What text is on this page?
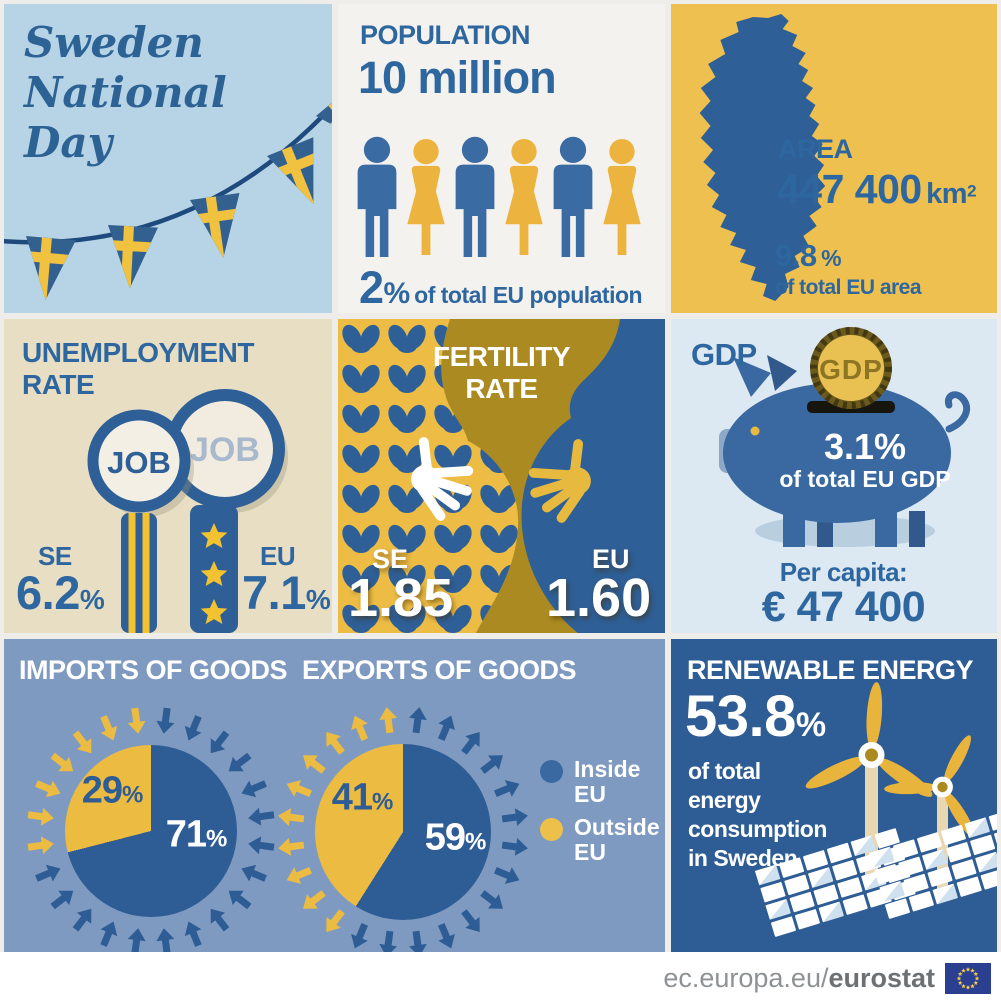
Sweden
National
Day
POPULATION
10 million
2% of total EU population
AREA
447 400 $km^2$
9.8 %
of total EU area
UNEMPLOYMENT RATE
JOB
JOB
SE
6.2%
EU
7.1%
FERTILITY
RATE
SE
1.85
EU
1.60
GDP
3.1%
of total EU GDP
GDP
Per capita:
€ 47 400
IMPORTS OF GOODS EXPORTS OF GOODS
29%
71%
41%
59%
Inside
EU
Outside
EU
RENEWABLE ENERGY
53.8%
of total
energy
consumption
in Sweden
ec.europa.eu/eurostat
